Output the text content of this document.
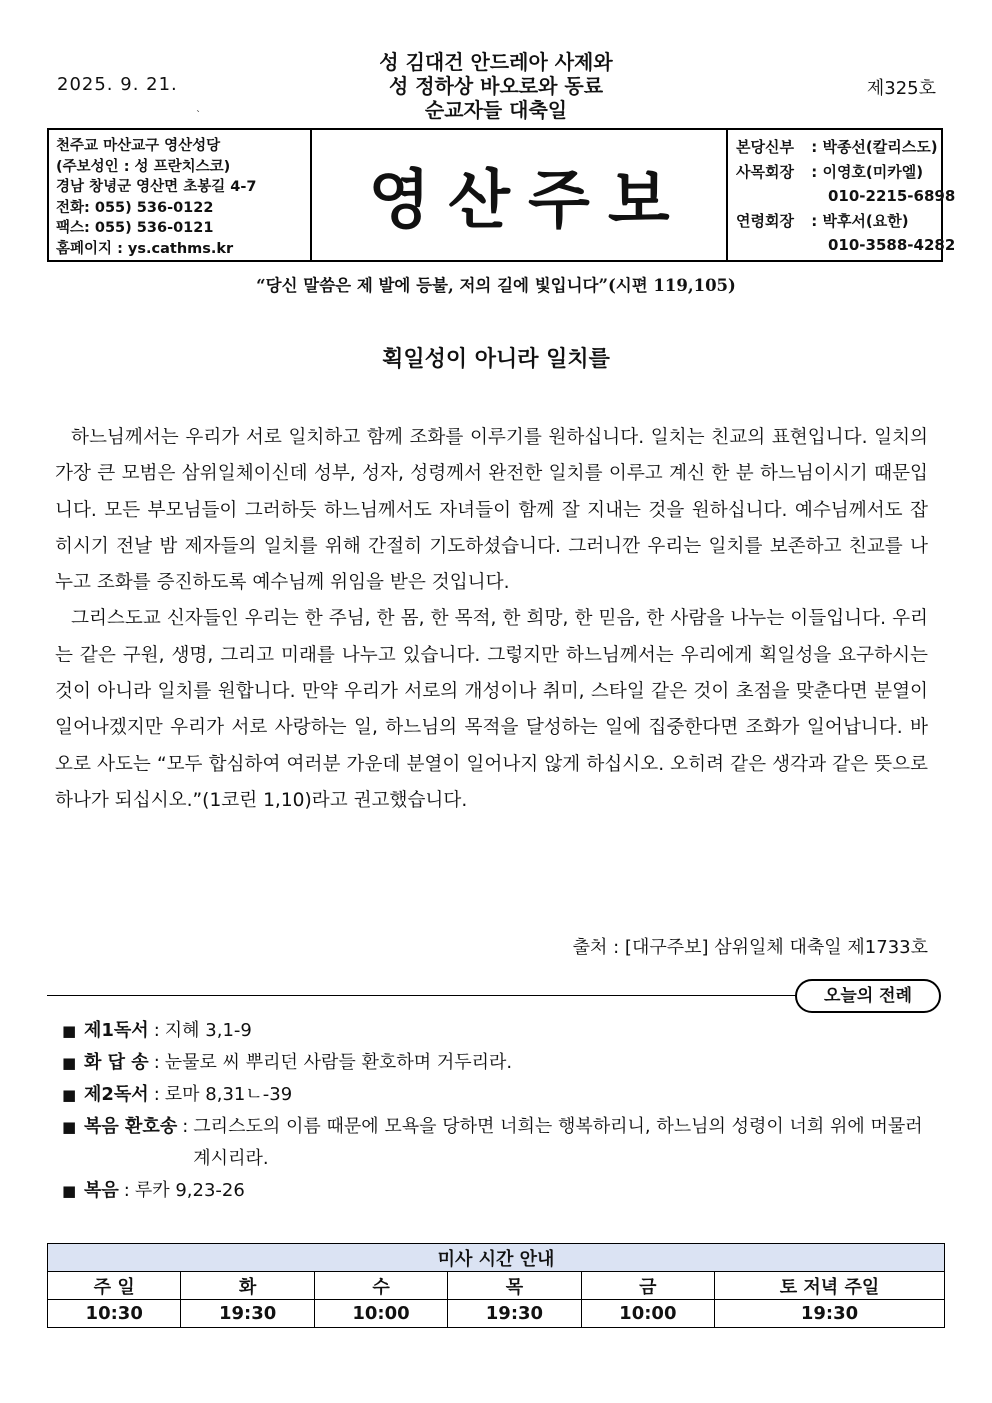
2025. 9. 21.
성 김대건 안드레아 사제와
성 정하상 바오로와 동료
순교자들 대축일
제325호
`
천주교 마산교구 영산성당
(주보성인 : 성 프란치스코)
경남 창녕군 영산면 초봉길 4-7
전화: 055) 536-0122
팩스: 055) 536-0121
홈페이지 : ys.cathms.kr
영산주보
본당신부 : 박종선(칼리스도)
사목회장 : 이영호(미카엘)
010-2215-6898
연령회장 : 박후서(요한)
010-3588-4282
“당신 말씀은 제 발에 등불, 저의 길에 빛입니다”(시편 119,105)
획일성이 아니라 일치를

하느님께서는 우리가 서로 일치하고 함께 조화를 이루기를 원하십니다. 일치는 친교의 표현입니다. 일치의 가장 큰 모범은 삼위일체이신데 성부, 성자, 성령께서 완전한 일치를 이루고 계신 한 분 하느님이시기 때문입니다. 모든 부모님들이 그러하듯 하느님께서도 자녀들이 함께 잘 지내는 것을 원하십니다. 예수님께서도 잡히시기 전날 밤 제자들의 일치를 위해 간절히 기도하셨습니다. 그러니깐 우리는 일치를 보존하고 친교를 나누고 조화를 증진하도록 예수님께 위임을 받은 것입니다.

그리스도교 신자들인 우리는 한 주님, 한 몸, 한 목적, 한 희망, 한 믿음, 한 사람을 나누는 이들입니다. 우리는 같은 구원, 생명, 그리고 미래를 나누고 있습니다. 그렇지만 하느님께서는 우리에게 획일성을 요구하시는 것이 아니라 일치를 원합니다. 만약 우리가 서로의 개성이나 취미, 스타일 같은 것이 초점을 맞춘다면 분열이 일어나겠지만 우리가 서로 사랑하는 일, 하느님의 목적을 달성하는 일에 집중한다면 조화가 일어납니다. 바오로 사도는 “모두 합심하여 여러분 가운데 분열이 일어나지 않게 하십시오. 오히려 같은 생각과 같은 뜻으로 하나가 되십시오.”(1코린 1,10)라고 권고했습니다.

출처 : [대구주보] 삼위일체 대축일 제1733호
오늘의 전례
■ 제1독서 : 지혜 3,1-9
■ 화 답 송 : 눈물로 씨 뿌리던 사람들 환호하며 거두리라.
■ 제2독서 : 로마 8,31ㄴ-39
■ 복음 환호송 : 그리스도의 이름 때문에 모욕을 당하면 너희는 행복하리니, 하느님의 성령이 너희 위에 머물러 계시리라.
■ 복음 : 루카 9,23-26
미사 시간 안내					
주 일	화	수	목	금	토 저녁 주일
10:30	19:30	10:00	19:30	10:00	19:30
